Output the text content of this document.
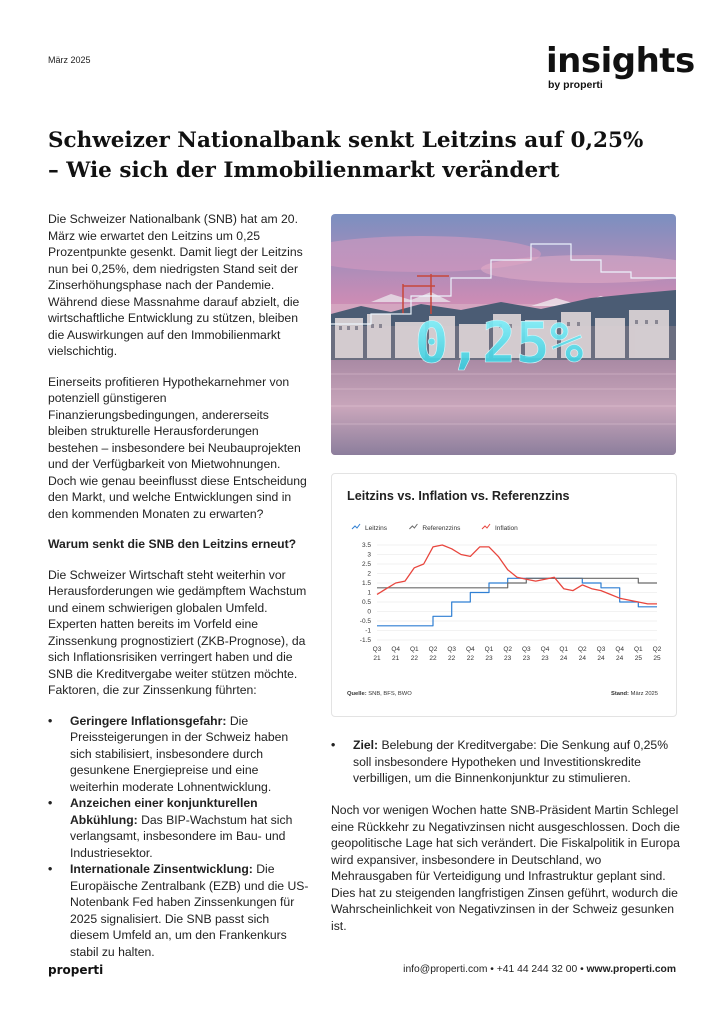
März 2025	insights
by properti
Schweizer Nationalbank senkt Leitzins auf 0,25%
– Wie sich der Immobilienmarkt verändert

Die Schweizer Nationalbank (SNB) hat am 20. März wie erwartet den Leitzins um 0,25 Prozentpunkte gesenkt. Damit liegt der Leitzins nun bei 0,25%, dem niedrigsten Stand seit der Zinserhöhungsphase nach der Pandemie. Während diese Massnahme darauf abzielt, die wirtschaftliche Entwicklung zu stützen, bleiben die Auswirkungen auf den Immobilienmarkt vielschichtig.

Einerseits profitieren Hypothekarnehmer von potenziell günstigeren Finanzierungsbedingungen, andererseits bleiben strukturelle Herausforderungen bestehen – insbesondere bei Neubauprojekten und der Verfügbarkeit von Mietwohnungen. Doch wie genau beeinflusst diese Entscheidung den Markt, und welche Entwicklungen sind in den kommenden Monaten zu erwarten?

Warum senkt die SNB den Leitzins erneut?

Die Schweizer Wirtschaft steht weiterhin vor Herausforderungen wie gedämpftem Wachstum und einem schwierigen globalen Umfeld. Experten hatten bereits im Vorfeld eine Zinssenkung prognostiziert (ZKB-Prognose), da sich Inflationsrisiken verringert haben und die SNB die Kreditvergabe weiter stützen möchte. Faktoren, die zur Zinssenkung führten:

• Geringere Inflationsgefahr: Die Preissteigerungen in der Schweiz haben sich stabilisiert, insbesondere durch gesunkene Energiepreise und eine weiterhin moderate Lohnentwicklung.
• Anzeichen einer konjunkturellen Abkühlung: Das BIP-Wachstum hat sich verlangsamt, insbesondere im Bau- und Industriesektor.
• Internationale Zinsentwicklung: Die Europäische Zentralbank (EZB) und die US-Notenbank Fed haben Zinssenkungen für 2025 signalisiert. Die SNB passt sich diesem Umfeld an, um den Frankenkurs stabil zu halten.
0,25%
Leitzins vs. Inflation vs. Referenzzins
Leitzins	Referenzzins	Inflation
3.5
3
2.5
2
1.5
1
0.5
0
-0.5
-1
-1.5
Q3
21
Q4
21
Q1
22
Q2
22
Q3
22
Q4
22
Q1
23
Q2
23
Q3
23
Q4
23
Q1
24
Q2
24
Q3
24
Q4
24
Q1
25
Q2
25
Quelle: SNB, BFS, BWO	Stand: März 2025
• Ziel: Belebung der Kreditvergabe: Die Senkung auf 0,25% soll insbesondere Hypotheken und Investitionskredite verbilligen, um die Binnenkonjunktur zu stimulieren.
Noch vor wenigen Wochen hatte SNB-Präsident Martin Schlegel eine Rückkehr zu Negativzinsen nicht ausgeschlossen. Doch die geopolitische Lage hat sich verändert. Die Fiskalpolitik in Europa wird expansiver, insbesondere in Deutschland, wo Mehrausgaben für Verteidigung und Infrastruktur geplant sind. Dies hat zu steigenden langfristigen Zinsen geführt, wodurch die Wahrscheinlichkeit von Negativzinsen in der Schweiz gesunken ist.
properti	info@properti.com • +41 44 244 32 00 • www.properti.com
